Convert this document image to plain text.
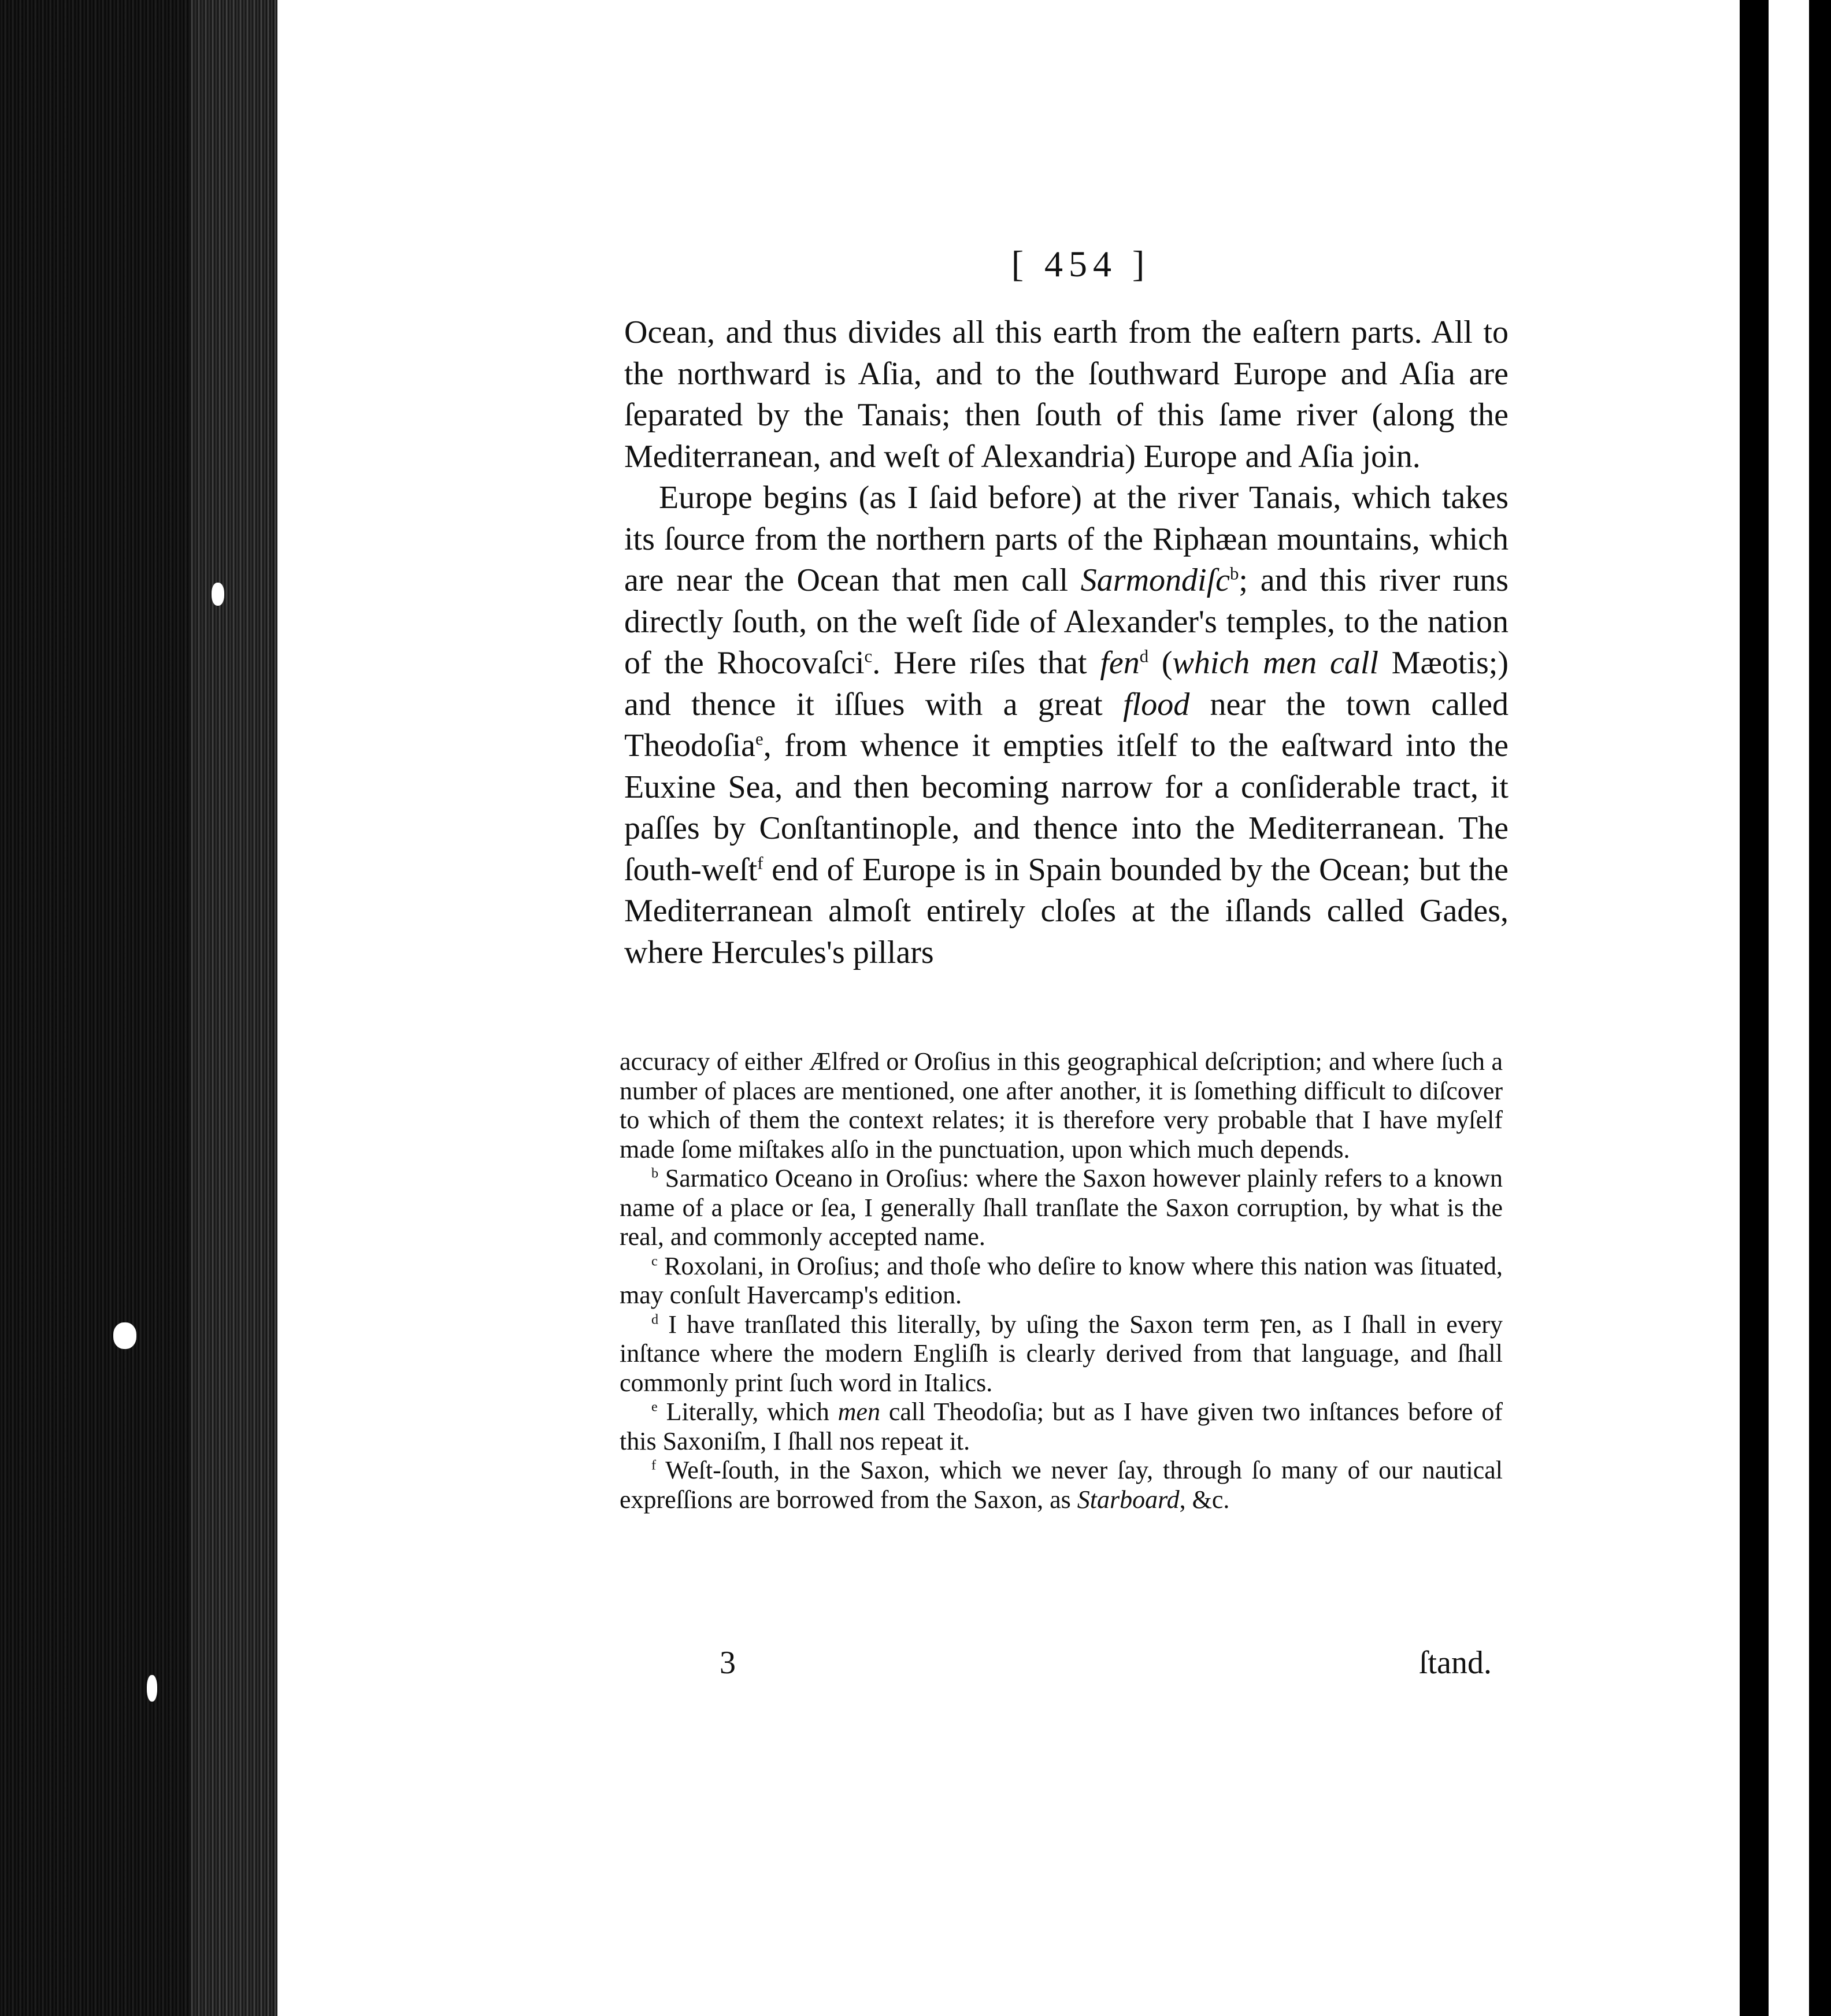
[ 454 ]

Ocean, and thus divides all this earth from the eaſtern parts. All to the northward is Aſia, and to the ſouthward Europe and Aſia are ſeparated by the Tanais; then ſouth of this ſame river (along the Mediterranean, and weſt of Alexandria) Europe and Aſia join.

Europe begins (as I ſaid before) at the river Tanais, which takes its ſource from the northern parts of the Riphæan mountains, which are near the Ocean that men call Sarmondiſc$^b$; and this river runs directly ſouth, on the weſt ſide of Alexander's temples, to the nation of the Rhocovaſci$^c$. Here riſes that fen$^d$ (which men call Mæotis;) and thence it iſſues with a great flood near the town called Theodoſia$^e$, from whence it empties itſelf to the eaſtward into the Euxine Sea, and then becoming narrow for a conſiderable tract, it paſſes by Conſtantinople, and thence into the Mediterranean. The ſouth-weſt$^f$ end of Europe is in Spain bounded by the Ocean; but the Mediterranean almoſt entirely cloſes at the iſlands called Gades, where Hercules's pillars

accuracy of either Ælfred or Oroſius in this geographical deſcription; and where ſuch a number of places are mentioned, one after another, it is ſomething difficult to diſcover to which of them the context relates; it is therefore very probable that I have myſelf made ſome miſtakes alſo in the punctuation, upon which much depends.

$^b$ Sarmatico Oceano in Oroſius: where the Saxon however plainly refers to a known name of a place or ſea, I generally ſhall tranſlate the Saxon corruption, by what is the real, and commonly accepted name.

$^c$ Roxolani, in Oroſius; and thoſe who deſire to know where this nation was ſituated, may conſult Havercamp's edition.

$^d$ I have tranſlated this literally, by uſing the Saxon term ꝼen, as I ſhall in every inſtance where the modern Engliſh is clearly derived from that language, and ſhall commonly print ſuch word in Italics.

$^e$ Literally, which men call Theodoſia; but as I have given two inſtances before of this Saxoniſm, I ſhall nos repeat it.

$^f$ Weſt-ſouth, in the Saxon, which we never ſay, through ſo many of our nautical expreſſions are borrowed from the Saxon, as Starboard, &c.

3	ſtand.
